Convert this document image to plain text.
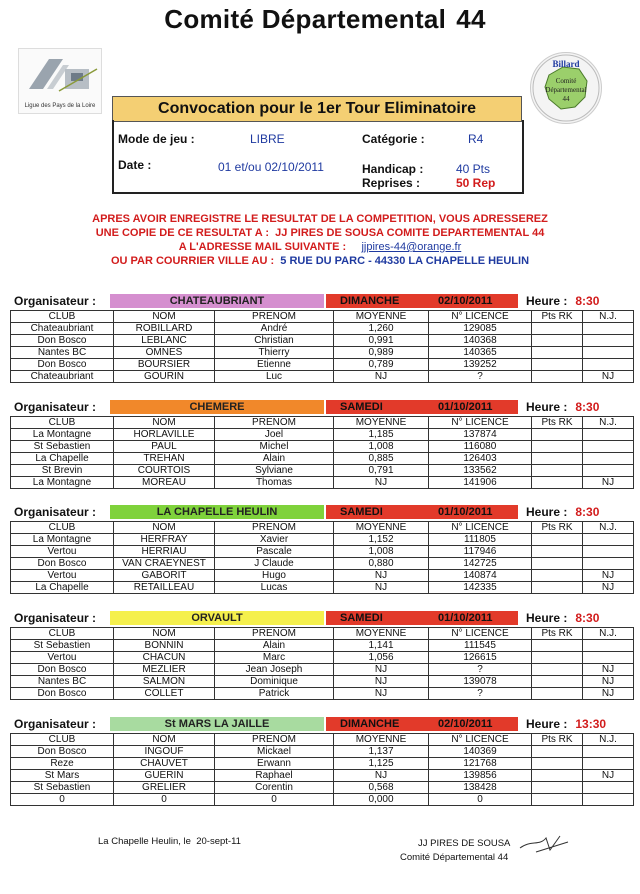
Comité Départemental 44
Ligue des Pays de la Loire
Billard
Comité
Départemental
44
Convocation pour le 1er Tour Eliminatoire
Mode de jeu :	LIBRE	Catégorie :	R4
Date :	01 et/ou 02/10/2011	Handicap :	40 Pts
Reprises :	50 Rep
APRES AVOIR ENREGISTRE LE RESULTAT DE LA COMPETITION, VOUS ADRESSEREZ
UNE COPIE DE CE RESULTAT A : JJ PIRES DE SOUSA COMITE DEPARTEMENTAL 44
A L'ADRESSE MAIL SUIVANTE : jjpires-44@orange.fr
OU PAR COURRIER VILLE AU : 5 RUE DU PARC - 44330 LA CHAPELLE HEULIN
Organisateur :	CHATEAUBRIANT	DIMANCHE	02/10/2011	Heure : 8:30
CLUB	NOM	PRENOM	MOYENNE	N° LICENCE	Pts RK	N.J.
Chateaubriant	ROBILLARD	André	1,260	129085		
Don Bosco	LEBLANC	Christian	0,991	140368		
Nantes BC	OMNES	Thierry	0,989	140365		
Don Bosco	BOURSIER	Etienne	0,789	139252		
Chateaubriant	GOURIN	Luc	NJ	?		NJ
Organisateur :	CHEMERE	SAMEDI	01/10/2011	Heure : 8:30
CLUB	NOM	PRENOM	MOYENNE	N° LICENCE	Pts RK	N.J.
La Montagne	HORLAVILLE	Joel	1,185	137874		
St Sebastien	PAUL	Michel	1,008	116080		
La Chapelle	TREHAN	Alain	0,885	126403		
St Brevin	COURTOIS	Sylviane	0,791	133562		
La Montagne	MOREAU	Thomas	NJ	141906		NJ
Organisateur :	LA CHAPELLE HEULIN	SAMEDI	01/10/2011	Heure : 8:30
CLUB	NOM	PRENOM	MOYENNE	N° LICENCE	Pts RK	N.J.
La Montagne	HERFRAY	Xavier	1,152	111805		
Vertou	HERRIAU	Pascale	1,008	117946		
Don Bosco	VAN CRAEYNEST	J Claude	0,880	142725		
Vertou	GABORIT	Hugo	NJ	140874		NJ
La Chapelle	RETAILLEAU	Lucas	NJ	142335		NJ
Organisateur :	ORVAULT	SAMEDI	01/10/2011	Heure : 8:30
CLUB	NOM	PRENOM	MOYENNE	N° LICENCE	Pts RK	N.J.
St Sebastien	BONNIN	Alain	1,141	111545		
Vertou	CHACUN	Marc	1,056	126615		
Don Bosco	MEZLIER	Jean Joseph	NJ	?		NJ
Nantes BC	SALMON	Dominique	NJ	139078		NJ
Don Bosco	COLLET	Patrick	NJ	?		NJ
Organisateur :	St MARS LA JAILLE	DIMANCHE	02/10/2011	Heure : 13:30
CLUB	NOM	PRENOM	MOYENNE	N° LICENCE	Pts RK	N.J.
Don Bosco	INGOUF	Mickael	1,137	140369		
Reze	CHAUVET	Erwann	1,125	121768		
St Mars	GUERIN	Raphael	NJ	139856		NJ
St Sebastien	GRELIER	Corentin	0,568	138428		
0	0	0	0,000	0		
La Chapelle Heulin, le 20-sept-11	JJ PIRES DE SOUSA
Comité Départemental 44
